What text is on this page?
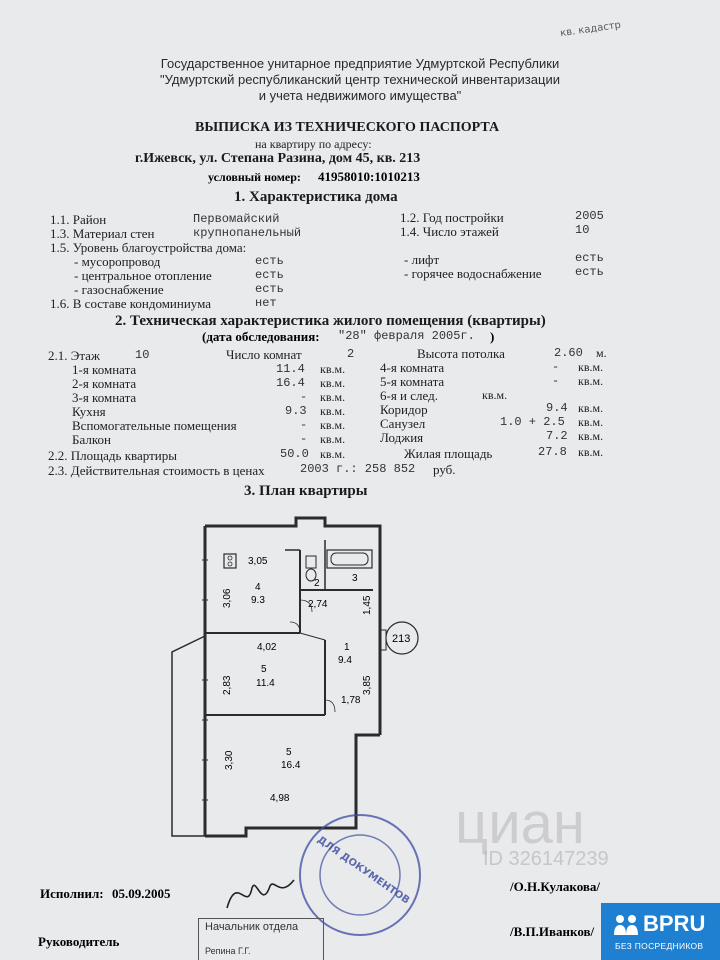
кв. кадастр
Государственное унитарное предприятие Удмуртской Республики
"Удмуртский республиканский центр технической инвентаризации
и учета недвижимого имущества"
ВЫПИСКА ИЗ ТЕХНИЧЕСКОГО ПАСПОРТА
на квартиру по адресу:
г.Ижевск, ул. Степана Разина, дом 45, кв. 213
условный номер: 41958010:1010213
1. Характеристика дома
1.1. Район	Первомайский	1.2. Год постройки	2005
1.3. Материал стен	крупнопанельный	1.4. Число этажей	10
1.5. Уровень благоустройства дома:
- мусоропровод	есть	- лифт	есть
- центральное отопление	есть	- горячее водоснабжение	есть
- газоснабжение	есть
1.6. В составе кондоминиума	нет
2. Техническая характеристика жилого помещения (квартиры)
(дата обследования: "28" февраля 2005г. )
2.1. Этаж	10	Число комнат	2	Высота потолка	2.60 м.
1-я комната	11.4 кв.м.
2-я комната	16.4 кв.м.
3-я комната	- кв.м.
Кухня	9.3 кв.м.
Вспомогательные помещения	- кв.м.
Балкон	- кв.м.
4-я комната	- кв.м.
5-я комната	- кв.м.
6-я и след.	кв.м.
Коридор	9.4 кв.м.
Санузел	1.0 + 2.5 кв.м.
Лоджия	7.2 кв.м.
2.2. Площадь квартиры	50.0 кв.м.	Жилая площадь	27.8 кв.м.
2.3. Действительная стоимость в ценах	2003 г.: 258 852 руб.
3. План квартиры
3,05
3,06
4
9.3
2	3
2,74	1,45
4,02	1
9.4
2,83
5
11.4	3,85
1,78
3,30	5
16.4
4,98
213
циан
ID 326147239
ДЛЯ ДОКУМЕНТОВ
Начальник отдела
Репина Г.Г.
Исполнил: 05.09.2005	/О.Н.Кулакова/
Руководитель
/В.П.Иванков/ BPRU
БЕЗ ПОСРЕДНИКОВ
